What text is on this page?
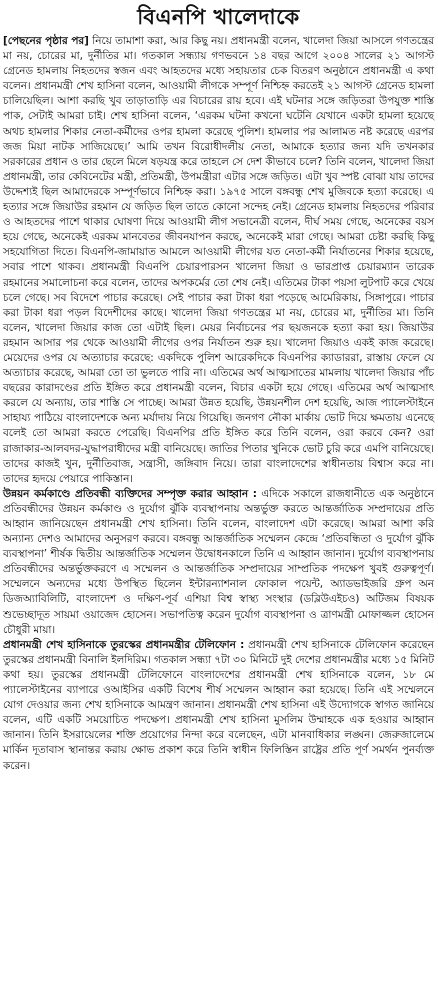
বিএনপি খালেদাকে

[পেছনের পৃষ্ঠার পর] নিয়ে তামাশা করা, আর কিছু নয়। প্রধানমন্ত্রী বলেন, খালেদা জিয়া আসলে গণতন্ত্রের মা নয়, চোরের মা, দুর্নীতির মা। গতকাল সন্ধ্যায় গণভবনে ১৪ বছর আগে ২০০৪ সালের ২১ আগস্ট গ্রেনেড হামলায় নিহতদের স্বজন এবং আহতদের মধ্যে সহায়তার চেক বিতরণ অনুষ্ঠানে প্রধানমন্ত্রী এ কথা বলেন। প্রধানমন্ত্রী শেখ হাসিনা বলেন, আওয়ামী লীগকে সম্পূর্ণ নিশ্চিহ্ন করতেই ২১ আগস্ট গ্রেনেড হামলা চালিয়েছিল। আশা করছি খুব তাড়াতাড়ি এর বিচারের রায় হবে। এই ঘটনার সঙ্গে জড়িতরা উপযুক্ত শাস্তি পাক, সেটাই আমরা চাই। শেখ হাসিনা বলেন, ‘এরকম ঘটনা কখনো ঘটেনি যেখানে একটা হামলা হয়েছে অথচ হামলার শিকার নেতা-কর্মীদের ওপর হামলা করেছে পুলিশ। হামলার পর আলামত নষ্ট করেছে এরপর জজ মিয়া নাটক সাজিয়েছে।’ আমি তখন বিরোধীদলীয় নেতা, আমাকে হত্যার জন্য যদি তখনকার সরকারের প্রধান ও তার ছেলে মিলে ষড়যন্ত্র করে তাহলে সে দেশ কীভাবে চলে? তিনি বলেন, খালেদা জিয়া প্রধানমন্ত্রী, তার কেবিনেটের মন্ত্রী, প্রতিমন্ত্রী, উপমন্ত্রীরা এটার সঙ্গে জড়িত। এটা খুব স্পষ্ট বোঝা যায় তাদের উদ্দেশ্যই ছিল আমাদেরকে সম্পূর্ণভাবে নিশ্চিহ্ন করা। ১৯৭৫ সালে বঙ্গবন্ধু শেখ মুজিবকে হত্যা করেছে। এ হত্যার সঙ্গে জিয়াউর রহমান যে জড়িত ছিল তাতে কোনো সন্দেহ নেই। গ্রেনেড হামলায় নিহতদের পরিবার ও আহতদের পাশে থাকার ঘোষণা দিয়ে আওয়ামী লীগ সভানেত্রী বলেন, দীর্ঘ সময় গেছে, অনেকের বয়স হয়ে গেছে, অনেকেই এরকম মানবেতর জীবনযাপন করছে, অনেকেই মারা গেছে। আমরা চেষ্টা করছি কিছু সহযোগিতা দিতে। বিএনপি-জামায়াত আমলে আওয়ামী লীগের যত নেতা-কর্মী নির্যাতনের শিকার হয়েছে, সবার পাশে থাকব। প্রধানমন্ত্রী বিএনপি চেয়ারপারসন খালেদা জিয়া ও ভারপ্রাপ্ত চেয়ারম্যান তারেক রহমানের সমালোচনা করে বলেন, তাদের অপকর্মের তো শেষ নেই। এতিমের টাকা পয়সা লুটপাট করে খেয়ে চলে গেছে। সব বিদেশে পাচার করেছে। সেই পাচার করা টাকা ধরা পড়েছে আমেরিকায়, সিঙ্গাপুরে। পাচার করা টাকা ধরা পড়ল বিদেশীদের কাছে। খালেদা জিয়া গণতন্ত্রের মা নয়, চোরের মা, দুর্নীতির মা। তিনি বলেন, খালেদা জিয়ার কাজ তো এটাই ছিল। মেয়র নির্বাচনের পর ছয়জনকে হত্যা করা হয়। জিয়াউর রহমান আসার পর থেকে আওয়ামী লীগের ওপর নির্যাতন শুরু হয়। খালেদা জিয়াও একই কাজ করেছে। মেয়েদের ওপর যে অত্যাচার করেছে: একদিকে পুলিশ আরেকদিকে বিএনপির ক্যাডাররা, রাস্তায় ফেলে যে অত্যাচার করেছে, আমরা তো তা ভুলতে পারি না। এতিমের অর্থ আত্মসাতের মামলায় খালেদা জিয়ার পাঁচ বছরের কারাদণ্ডের প্রতি ইঙ্গিত করে প্রধানমন্ত্রী বলেন, বিচার একটা হয়ে গেছে। এতিমের অর্থ আত্মসাৎ করলে যে অন্যায়, তার শাস্তি সে পাচ্ছে। আমরা উন্নত হয়েছি, উন্নয়নশীল দেশ হয়েছি, আজ প্যালেস্টাইনে সাহায্য পাঠিয়ে বাংলাদেশকে অন্য মর্যাদায় নিয়ে গিয়েছি। জনগণ নৌকা মার্কায় ভোট দিয়ে ক্ষমতায় এনেছে বলেই তো আমরা করতে পেরেছি। বিএনপির প্রতি ইঙ্গিত করে তিনি বলেন, ওরা করবে কেন? ওরা রাজাকার-আলবদর-যুদ্ধাপরাধীদের মন্ত্রী বানিয়েছে। জাতির পিতার খুনিকে ভোট চুরি করে এমপি বানিয়েছে। তাদের কাজই খুন, দুর্নীতিবাজ, সন্ত্রাসী, জঙ্গিবাদ নিয়ে। তারা বাংলাদেশের স্বাধীনতায় বিশ্বাস করে না। তাদের হৃদয়ে পেয়ারে পাকিস্তান।

উন্নয়ন কর্মকাণ্ডে প্রতিবন্ধী ব্যক্তিদের সম্পৃক্ত করার আহ্বান : এদিকে সকালে রাজধানীতে এক অনুষ্ঠানে প্রতিবন্ধীদের উন্নয়ন কর্মকাণ্ড ও দুর্যোগ ঝুঁকি ব্যবস্থাপনায় অন্তর্ভুক্ত করতে আন্তর্জাতিক সম্প্রদায়ের প্রতি আহ্বান জানিয়েছেন প্রধানমন্ত্রী শেখ হাসিনা। তিনি বলেন, বাংলাদেশ এটা করেছে। আমরা আশা করি অন্যান্য দেশও আমাদের অনুসরণ করবে। বঙ্গবন্ধু আন্তর্জাতিক সম্মেলন কেন্দ্রে ‘প্রতিবন্ধিতা ও দুর্যোগ ঝুঁকি ব্যবস্থাপনা’ শীর্ষক দ্বিতীয় আন্তর্জাতিক সম্মেলন উদ্বোধনকালে তিনি এ আহ্বান জানান। দুর্যোগ ব্যবস্থাপনায় প্রতিবন্ধীদের অন্তর্ভুক্তকরণে এ সম্মেলন ও আন্তর্জাতিক সম্প্রদায়ের সাম্প্রতিক পদক্ষেপ খুবই গুরুত্বপূর্ণ। সম্মেলনে অন্যদের মধ্যে উপস্থিত ছিলেন ইন্টারন্যাশনাল ফোকাল পয়েন্ট, অ্যাডভাইজরি গ্রুপ অন ডিজঅ্যাবিলিটি, বাংলাদেশ ও দক্ষিণ-পূর্ব এশিয়া বিশ্ব স্বাস্থ্য সংস্থার (ডব্লিউএইচও) অটিজম বিষয়ক শুভেচ্ছাদূত সায়মা ওয়াজেদ হোসেন। সভাপতিত্ব করেন দুর্যোগ ব্যবস্থাপনা ও ত্রাণমন্ত্রী মোফাজ্জল হোসেন চৌধুরী মায়া।

প্রধানমন্ত্রী শেখ হাসিনাকে তুরস্কের প্রধানমন্ত্রীর টেলিফোন : প্রধানমন্ত্রী শেখ হাসিনাকে টেলিফোন করেছেন তুরস্কের প্রধানমন্ত্রী বিনালি ইলদিরিম। গতকাল সন্ধ্যা ৭টা ৩০ মিনিটে দুই দেশের প্রধানমন্ত্রীর মধ্যে ১৫ মিনিট কথা হয়। তুরস্কের প্রধানমন্ত্রী টেলিফোনে বাংলাদেশের প্রধানমন্ত্রী শেখ হাসিনাকে বলেন, ১৮ মে প্যালেস্টাইনের ব্যাপারে ওআইসির একটি বিশেষ শীর্ষ সম্মেলন আহ্বান করা হয়েছে। তিনি এই সম্মেলনে যোগ দেওয়ার জন্য শেখ হাসিনাকে আমন্ত্রণ জানান। প্রধানমন্ত্রী শেখ হাসিনা এই উদ্যোগকে স্বাগত জানিয়ে বলেন, এটি একটি সময়োচিত পদক্ষেপ। প্রধানমন্ত্রী শেখ হাসিনা মুসলিম উম্মাহকে এক হওয়ার আহ্বান জানান। তিনি ইসরায়েলের শক্তি প্রয়োগের নিন্দা করে বলেছেন, এটা মানবাধিকার লঙ্ঘন। জেরুজালেমে মার্কিন দূতাবাস স্থানান্তর করায় ক্ষোভ প্রকাশ করে তিনি স্বাধীন ফিলিস্তিন রাষ্ট্রের প্রতি পূর্ণ সমর্থন পুনর্ব্যক্ত করেন।
